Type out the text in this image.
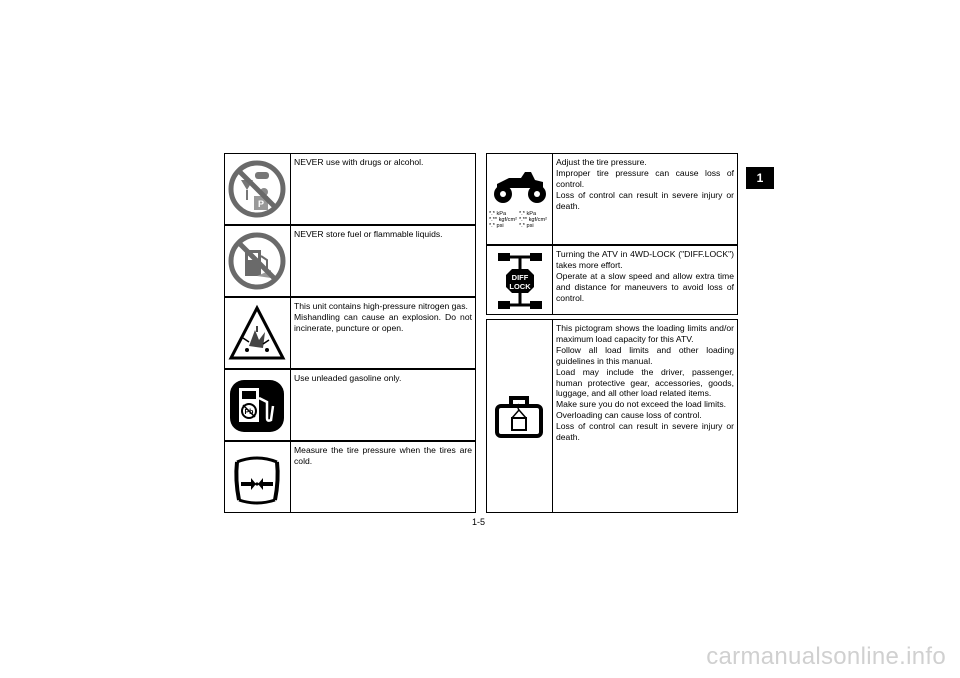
1
P

NEVER use with drugs or alcohol.

NEVER store fuel or flammable liquids.

This unit contains high-pressure nitrogen gas.

Mishandling can cause an explosion. Do not incinerate, puncture or open.

Pb

Use unleaded gasoline only.

Measure the tire pressure when the tires are cold.

*.* kPa
*.** kgf/cm²
*.* psi
*.* kPa
*.** kgf/cm²
*.* psi

Adjust the tire pressure.

Improper tire pressure can cause loss of control.

Loss of control can result in severe injury or death.

DIFF
LOCK

Turning the ATV in 4WD-LOCK ("DIFF.LOCK") takes more effort.

Operate at a slow speed and allow extra time and distance for maneuvers to avoid loss of control.

This pictogram shows the loading limits and/or maximum load capacity for this ATV.

Follow all load limits and other loading guidelines in this manual.

Load may include the driver, passenger, human protective gear, accessories, goods, luggage, and all other load related items.

Make sure you do not exceed the load limits.

Overloading can cause loss of control.

Loss of control can result in severe injury or death.

1-5
carmanualsonline.info
